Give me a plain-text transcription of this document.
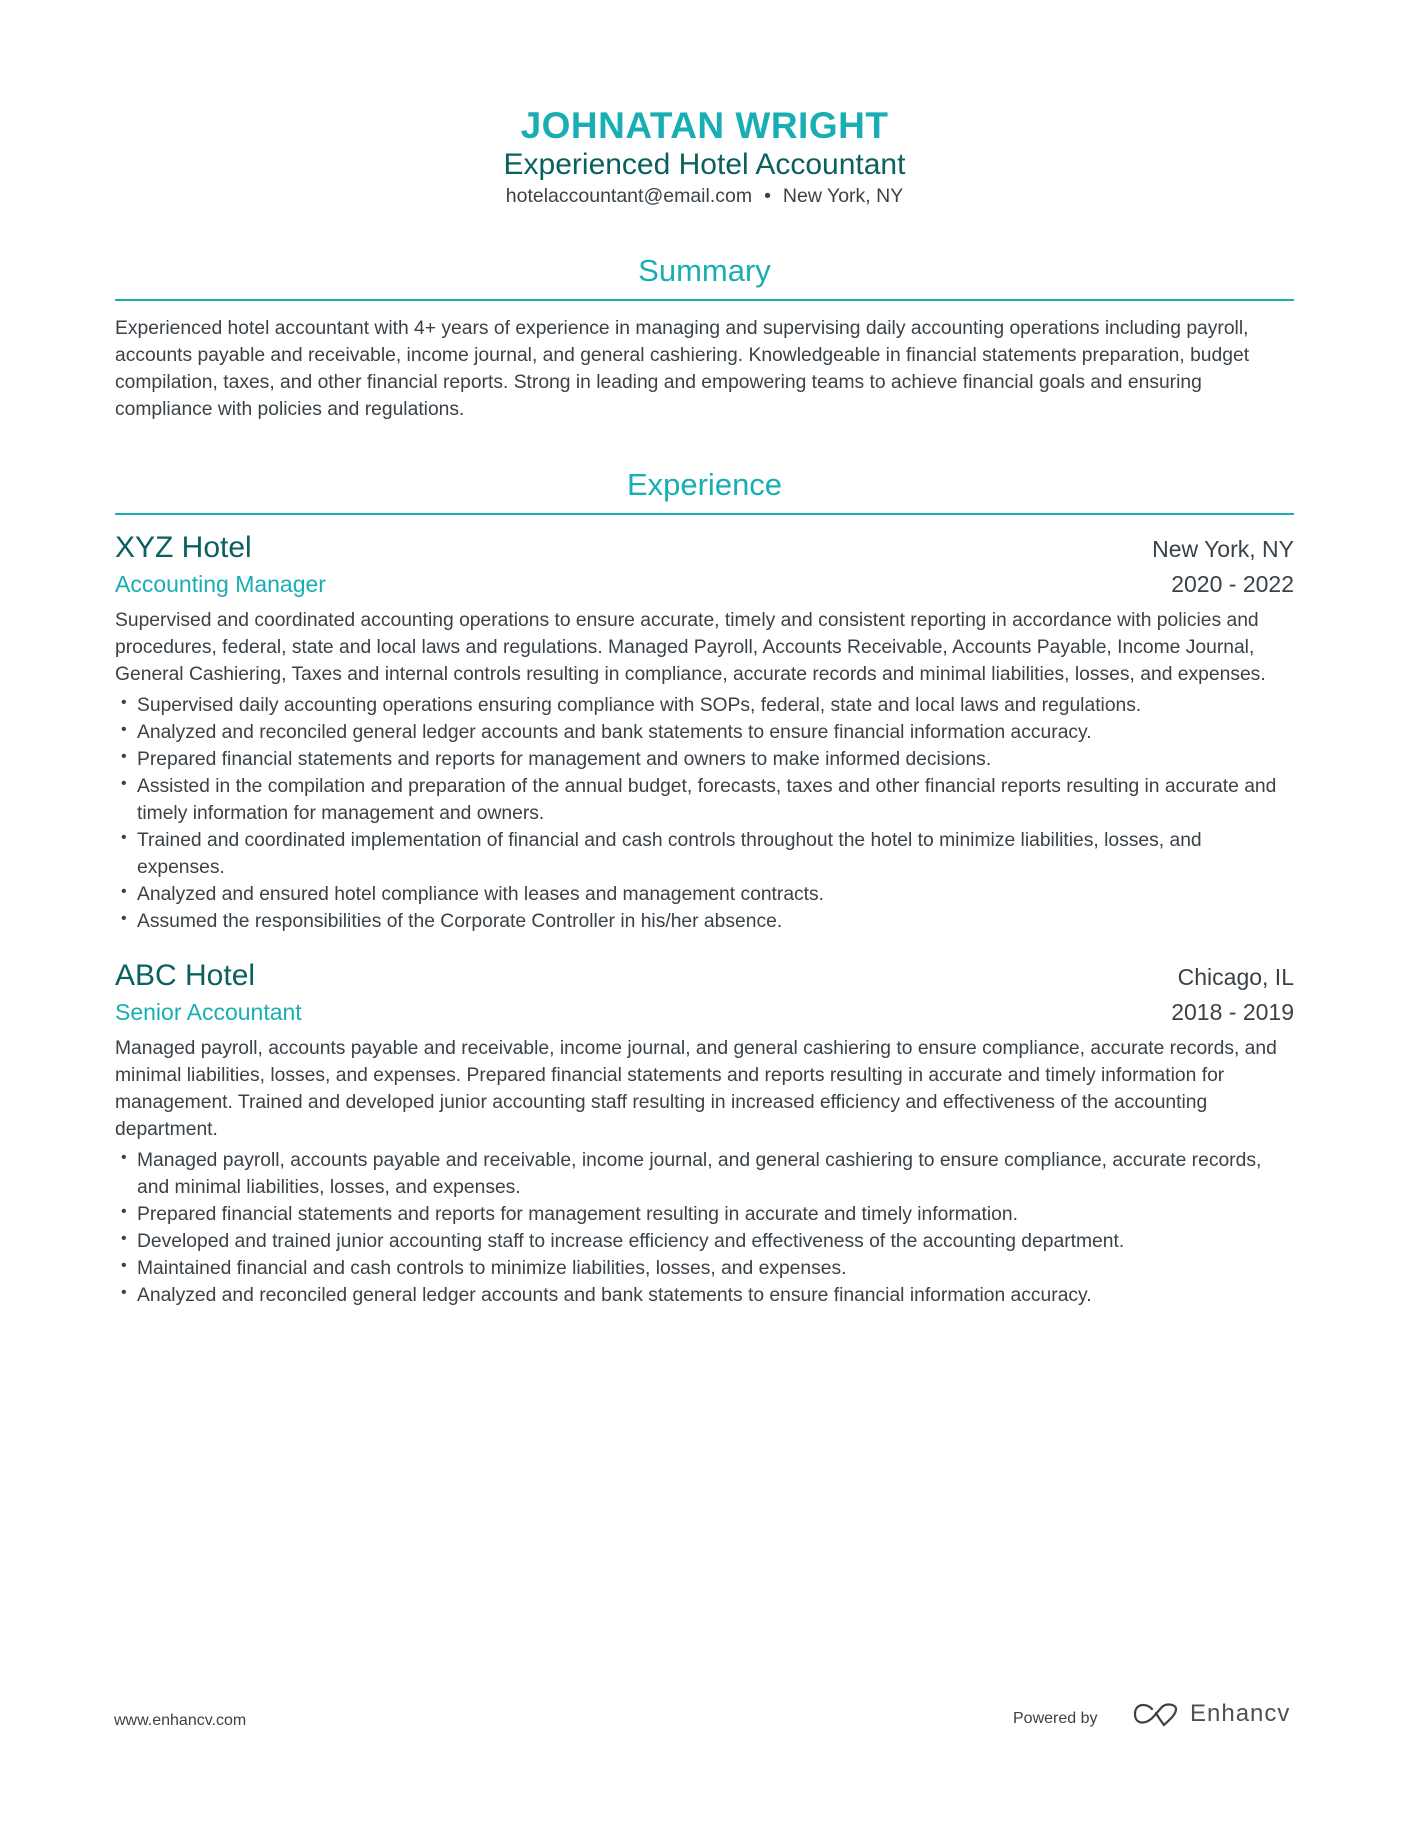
JOHNATAN WRIGHT
Experienced Hotel Accountant
hotelaccountant@email.com • New York, NY
Summary
Experienced hotel accountant with 4+ years of experience in managing and supervising daily accounting operations including payroll, accounts payable and receivable, income journal, and general cashiering. Knowledgeable in financial statements preparation, budget compilation, taxes, and other financial reports. Strong in leading and empowering teams to achieve financial goals and ensuring compliance with policies and regulations.
Experience
XYZ Hotel	New York, NY
Accounting Manager	2020 - 2022
Supervised and coordinated accounting operations to ensure accurate, timely and consistent reporting in accordance with policies and procedures, federal, state and local laws and regulations. Managed Payroll, Accounts Receivable, Accounts Payable, Income Journal, General Cashiering, Taxes and internal controls resulting in compliance, accurate records and minimal liabilities, losses, and expenses.
• Supervised daily accounting operations ensuring compliance with SOPs, federal, state and local laws and regulations.
• Analyzed and reconciled general ledger accounts and bank statements to ensure financial information accuracy.
• Prepared financial statements and reports for management and owners to make informed decisions.
• Assisted in the compilation and preparation of the annual budget, forecasts, taxes and other financial reports resulting in accurate and timely information for management and owners.
• Trained and coordinated implementation of financial and cash controls throughout the hotel to minimize liabilities, losses, and expenses.
• Analyzed and ensured hotel compliance with leases and management contracts.
• Assumed the responsibilities of the Corporate Controller in his/her absence.
ABC Hotel	Chicago, IL
Senior Accountant	2018 - 2019
Managed payroll, accounts payable and receivable, income journal, and general cashiering to ensure compliance, accurate records, and minimal liabilities, losses, and expenses. Prepared financial statements and reports resulting in accurate and timely information for management. Trained and developed junior accounting staff resulting in increased efficiency and effectiveness of the accounting department.
• Managed payroll, accounts payable and receivable, income journal, and general cashiering to ensure compliance, accurate records, and minimal liabilities, losses, and expenses.
• Prepared financial statements and reports for management resulting in accurate and timely information.
• Developed and trained junior accounting staff to increase efficiency and effectiveness of the accounting department.
• Maintained financial and cash controls to minimize liabilities, losses, and expenses.
• Analyzed and reconciled general ledger accounts and bank statements to ensure financial information accuracy.
www.enhancv.com	Powered by	Enhancv
